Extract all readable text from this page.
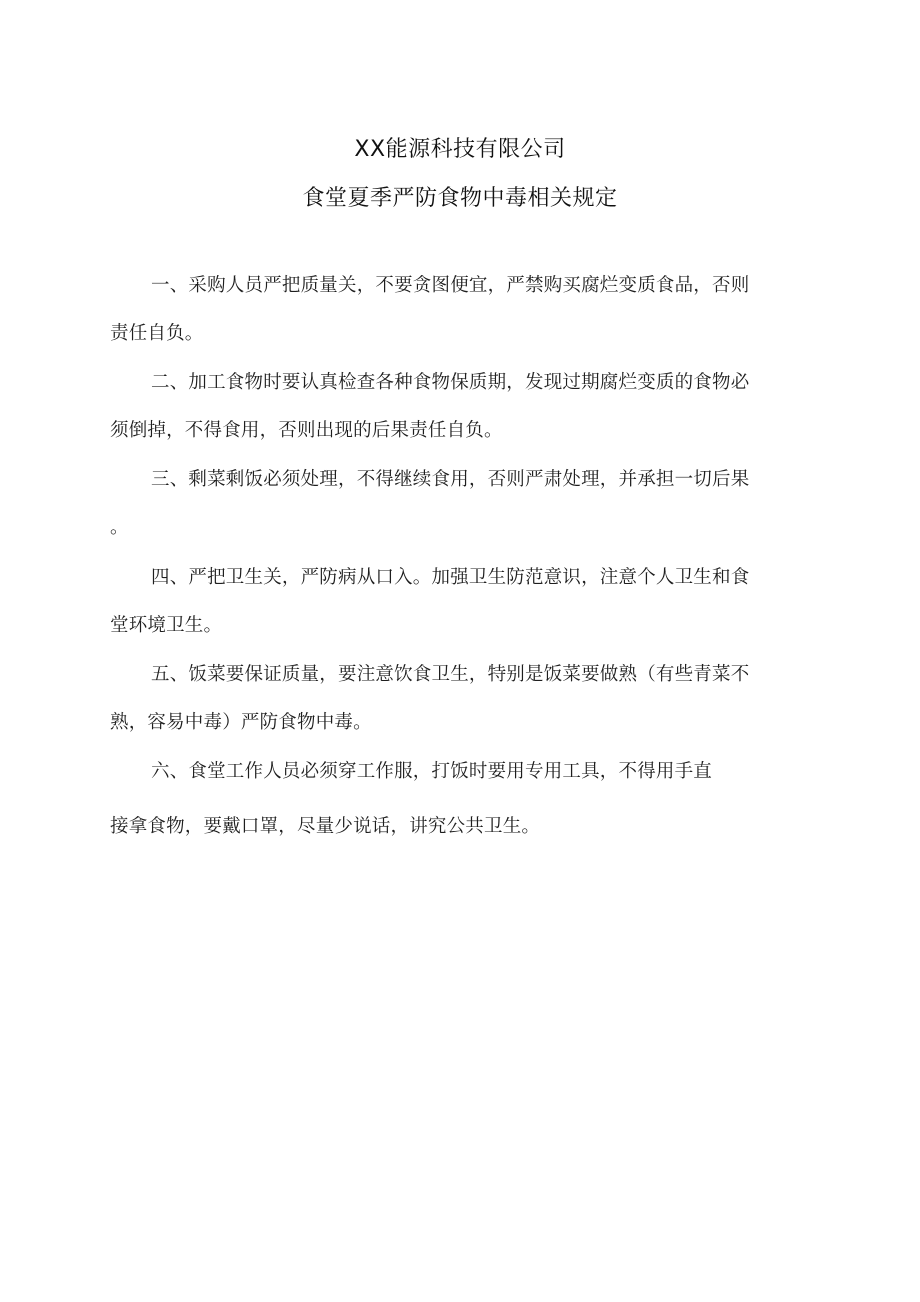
XX能源科技有限公司
食堂夏季严防食物中毒相关规定
一、采购人员严把质量关，不要贪图便宜，严禁购买腐烂变质食品，否则
责任自负。
二、加工食物时要认真检查各种食物保质期，发现过期腐烂变质的食物必
须倒掉，不得食用，否则出现的后果责任自负。
三、剩菜剩饭必须处理，不得继续食用，否则严肃处理，并承担一切后果
。
四、严把卫生关，严防病从口入。加强卫生防范意识，注意个人卫生和食
堂环境卫生。
五、饭菜要保证质量，要注意饮食卫生，特别是饭菜要做熟（有些青菜不
熟，容易中毒）严防食物中毒。
六、食堂工作人员必须穿工作服，打饭时要用专用工具，不得用手直
接拿食物，要戴口罩，尽量少说话，讲究公共卫生。
